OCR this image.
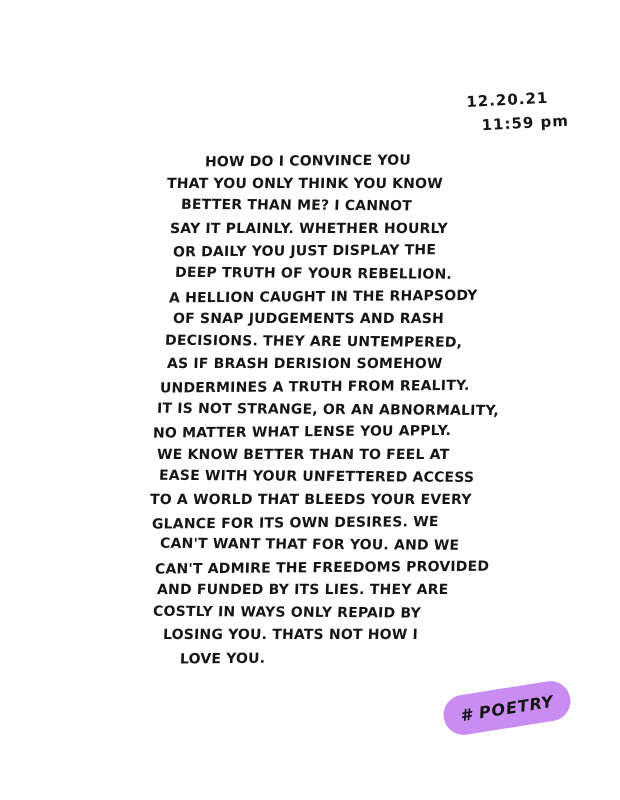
12.20.21
11:59 pm
HOW DO I CONVINCE YOU
THAT YOU ONLY THINK YOU KNOW
BETTER THAN ME? I CANNOT
SAY IT PLAINLY. WHETHER HOURLY
OR DAILY YOU JUST DISPLAY THE
DEEP TRUTH OF YOUR REBELLION.
A HELLION CAUGHT IN THE RHAPSODY
OF SNAP JUDGEMENTS AND RASH
DECISIONS. THEY ARE UNTEMPERED,
AS IF BRASH DERISION SOMEHOW
UNDERMINES A TRUTH FROM REALITY.
IT IS NOT STRANGE, OR AN ABNORMALITY,
NO MATTER WHAT LENSE YOU APPLY.
WE KNOW BETTER THAN TO FEEL AT
EASE WITH YOUR UNFETTERED ACCESS
TO A WORLD THAT BLEEDS YOUR EVERY
GLANCE FOR ITS OWN DESIRES. WE
CAN'T WANT THAT FOR YOU. AND WE
CAN'T ADMIRE THE FREEDOMS PROVIDED
AND FUNDED BY ITS LIES. THEY ARE
COSTLY IN WAYS ONLY REPAID BY
LOSING YOU. THATS NOT HOW I
LOVE YOU.
# POETRY
